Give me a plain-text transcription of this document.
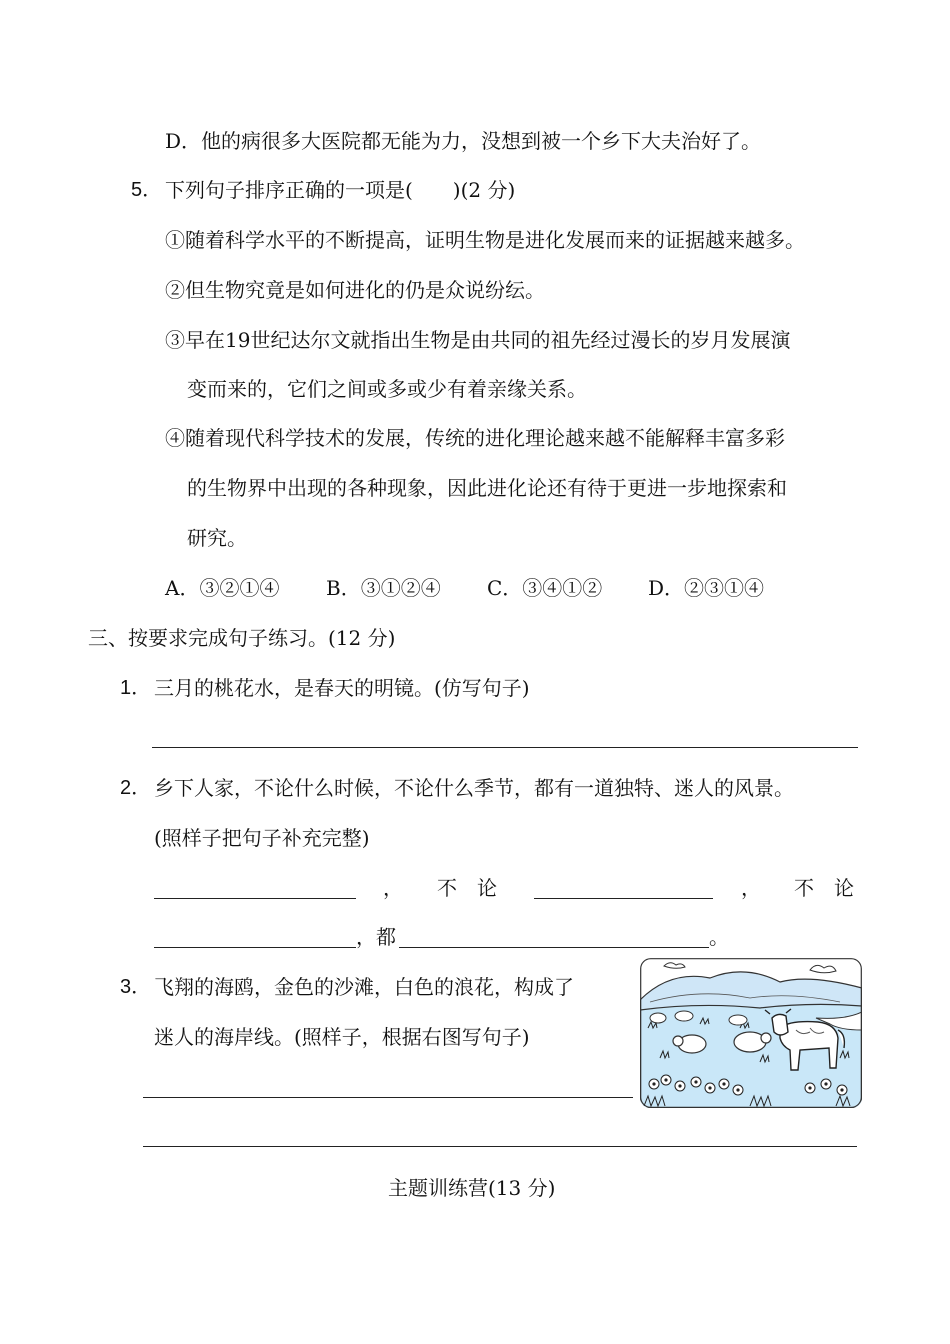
D．他的病很多大医院都无能为力，没想到被一个乡下大夫治好了。
5． 下列句子排序正确的一项是(　　)(2 分)
①随着科学水平的不断提高，证明生物是进化发展而来的证据越来越多。
②但生物究竟是如何进化的仍是众说纷纭。
③早在19世纪达尔文就指出生物是由共同的祖先经过漫长的岁月发展演
变而来的，它们之间或多或少有着亲缘关系。
④随着现代科学技术的发展，传统的进化理论越来越不能解释丰富多彩
的生物界中出现的各种现象，因此进化论还有待于更进一步地探索和
研究。
A．③②①④ B．③①②④ C．③④①② D．②③①④
三、按要求完成句子练习。(12 分)
1． 三月的桃花水，是春天的明镜。(仿写句子)
2． 乡下人家，不论什么时候，不论什么季节，都有一道独特、迷人的风景。
(照样子把句子补充完整)
， 不　论	， 不　论
，都	。
3． 飞翔的海鸥，金色的沙滩，白色的浪花，构成了
迷人的海岸线。(照样子，根据右图写句子)
主题训练营(13 分)
